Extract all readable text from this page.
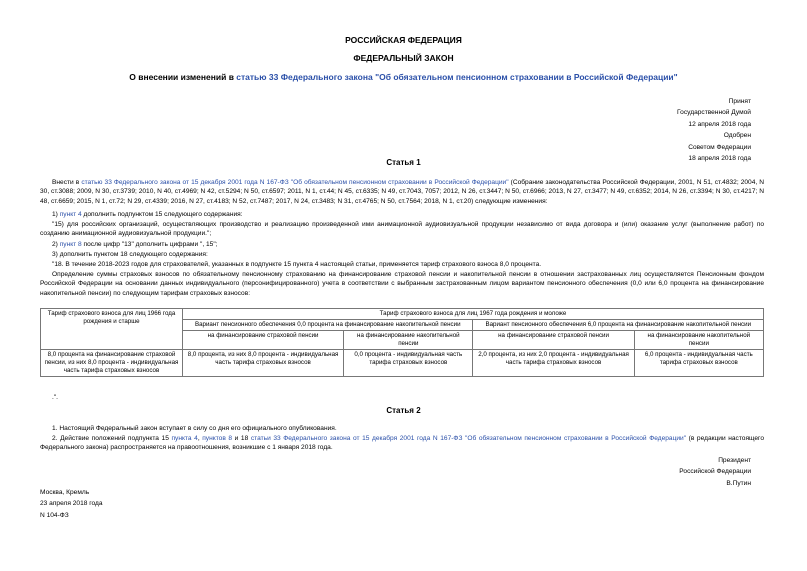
РОССИЙСКАЯ ФЕДЕРАЦИЯ
ФЕДЕРАЛЬНЫЙ ЗАКОН
О внесении изменений в статью 33 Федерального закона "Об обязательном пенсионном страховании в Российской Федерации"
Принят
Государственной Думой
12 апреля 2018 года
Одобрен
Советом Федерации
18 апреля 2018 года
Статья 1
Внести в статью 33 Федерального закона от 15 декабря 2001 года N 167-ФЗ "Об обязательном пенсионном страховании в Российской Федерации" (Собрание законодательства Российской Федерации, 2001, N 51, ст.4832; 2004, N 30, ст.3088; 2009, N 30, ст.3739; 2010, N 40, ст.4969; N 42, ст.5294; N 50, ст.6597; 2011, N 1, ст.44; N 45, ст.6335; N 49, ст.7043, 7057; 2012, N 26, ст.3447; N 50, ст.6966; 2013, N 27, ст.3477; N 49, ст.6352; 2014, N 26, ст.3394; N 30, ст.4217; N 48, ст.6659; 2015, N 1, ст.72; N 29, ст.4339; 2016, N 27, ст.4183; N 52, ст.7487; 2017, N 24, ст.3483; N 31, ст.4765; N 50, ст.7564; 2018, N 1, ст.20) следующие изменения:
1) пункт 4 дополнить подпунктом 15 следующего содержания:
"15) для российских организаций, осуществляющих производство и реализацию произведенной ими анимационной аудиовизуальной продукции независимо от вида договора и (или) оказание услуг (выполнение работ) по созданию анимационной аудиовизуальной продукции.";
2) пункт 8 после цифр "13" дополнить цифрами ", 15";
3) дополнить пунктом 18 следующего содержания:
"18. В течение 2018-2023 годов для страхователей, указанных в подпункте 15 пункта 4 настоящей статьи, применяется тариф страхового взноса 8,0 процента.
Определение суммы страховых взносов по обязательному пенсионному страхованию на финансирование страховой пенсии и накопительной пенсии в отношении застрахованных лиц осуществляется Пенсионным фондом Российской Федерации на основании данных индивидуального (персонифицированного) учета в соответствии с выбранным застрахованным лицом вариантом пенсионного обеспечения (0,0 или 6,0 процента на финансирование накопительной пенсии) по следующим тарифам страховых взносов:
Тариф страхового взноса для лиц 1966 года рождения и старше	Тариф страхового взноса для лиц 1967 года рождения и моложе			
	Вариант пенсионного обеспечения 0,0 процента на финансирование накопительной пенсии		Вариант пенсионного обеспечения 6,0 процента на финансирование накопительной пенсии	
	на финансирование страховой пенсии	на финансирование накопительной пенсии	на финансирование страховой пенсии	на финансирование накопительной пенсии
8,0 процента на финансирование страховой пенсии, из них 8,0 процента - индивидуальная часть тарифа страховых взносов	8,0 процента, из них 8,0 процента - индивидуальная часть тарифа страховых взносов	0,0 процента - индивидуальная часть тарифа страховых взносов	2,0 процента, из них 2,0 процента - индивидуальная часть тарифа страховых взносов	6,0 процента - индивидуальная часть тарифа страховых взносов
.".
Статья 2
1. Настоящий Федеральный закон вступает в силу со дня его официального опубликования.
2. Действие положений подпункта 15 пункта 4, пунктов 8 и 18 статьи 33 Федерального закона от 15 декабря 2001 года N 167-ФЗ "Об обязательном пенсионном страховании в Российской Федерации" (в редакции настоящего Федерального закона) распространяется на правоотношения, возникшие с 1 января 2018 года.
Президент
Российской Федерации
В.Путин
Москва, Кремль
23 апреля 2018 года
N 104-ФЗ
